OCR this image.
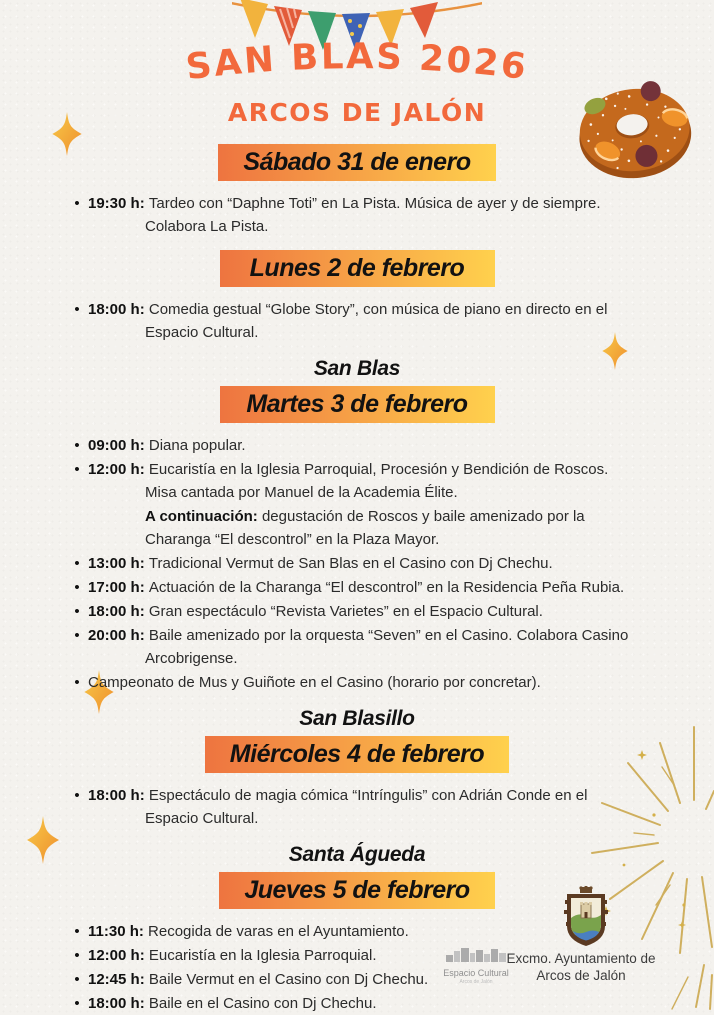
SAN BLAS 2026
ARCOS DE JALÓN
Sábado 31 de enero
• 19:30 h: Tardeo con “Daphne Toti” en La Pista. Música de ayer y de siempre.
Colabora La Pista.
Lunes 2 de febrero
• 18:00 h: Comedia gestual “Globe Story”, con música de piano en directo en el
Espacio Cultural.
San Blas
Martes 3 de febrero
• 09:00 h: Diana popular.
• 12:00 h: Eucaristía en la Iglesia Parroquial, Procesión y Bendición de Roscos.
Misa cantada por Manuel de la Academia Élite.
A continuación: degustación de Roscos y baile amenizado por la
Charanga “El descontrol” en la Plaza Mayor.
• 13:00 h: Tradicional Vermut de San Blas en el Casino con Dj Chechu.
• 17:00 h: Actuación de la Charanga “El descontrol” en la Residencia Peña Rubia.
• 18:00 h: Gran espectáculo “Revista Varietes” en el Espacio Cultural.
• 20:00 h: Baile amenizado por la orquesta “Seven” en el Casino. Colabora Casino
Arcobrigense.
• Campeonato de Mus y Guiñote en el Casino (horario por concretar).
San Blasillo
Miércoles 4 de febrero
• 18:00 h: Espectáculo de magia cómica “Intríngulis” con Adrián Conde en el
Espacio Cultural.
Santa Águeda
Jueves 5 de febrero
• 11:30 h: Recogida de varas en el Ayuntamiento.
• 12:00 h: Eucaristía en la Iglesia Parroquial.
• 12:45 h: Baile Vermut en el Casino con Dj Chechu.
• 18:00 h: Baile en el Casino con Dj Chechu.
Espacio Cultural
Arcos de Jalón
Excmo. Ayuntamiento de
Arcos de Jalón
